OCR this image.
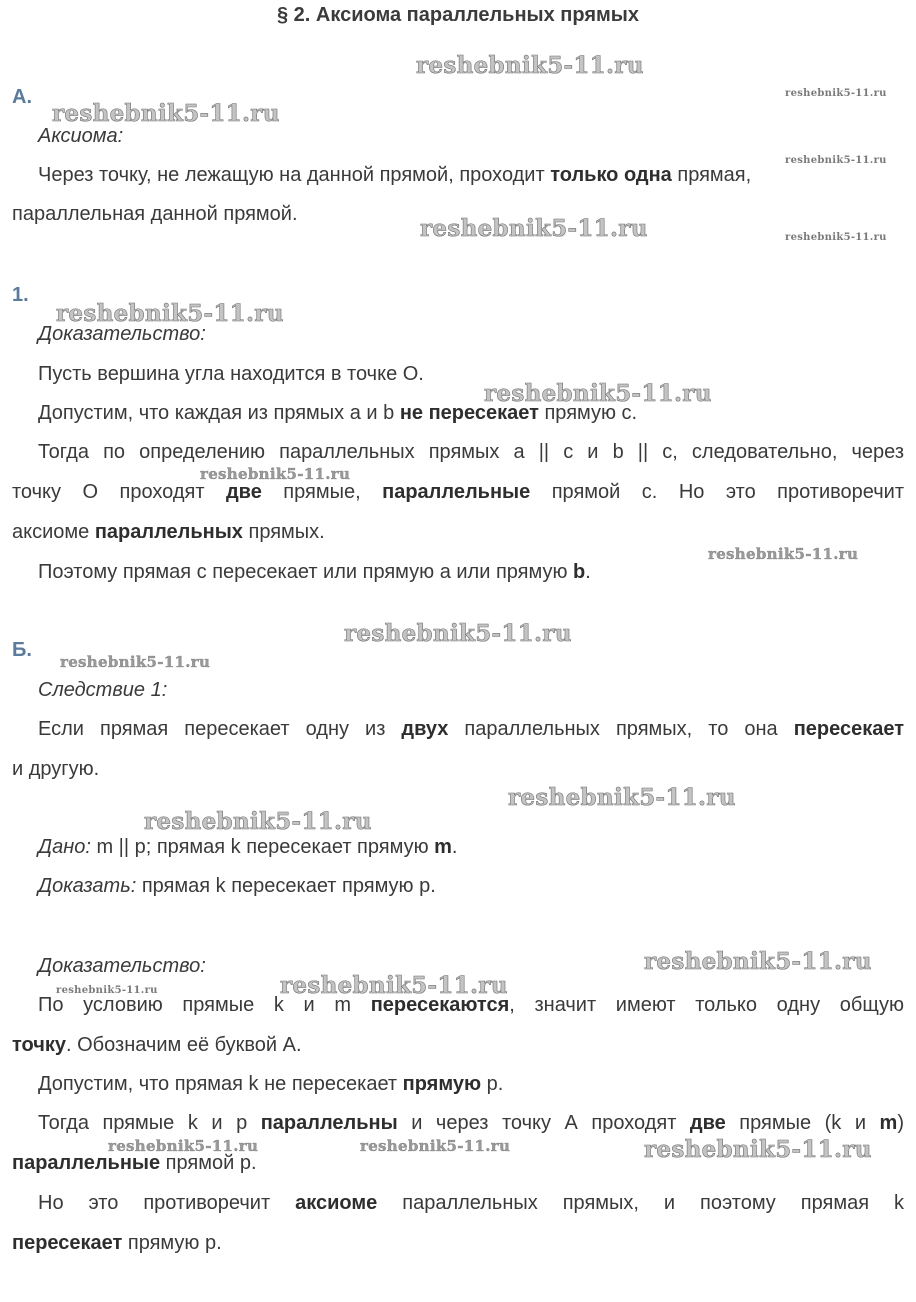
§ 2. Аксиома параллельных прямых
reshebnik5-11.ru
reshebnik5-11.ru
reshebnik5-11.ru
reshebnik5-11.ru
reshebnik5-11.ru	reshebnik5-11.ru
reshebnik5-11.ru
reshebnik5-11.ru
reshebnik5-11.ru
reshebnik5-11.ru
reshebnik5-11.ru
reshebnik5-11.ru
reshebnik5-11.ru
reshebnik5-11.ru
reshebnik5-11.ru
reshebnik5-11.ru
reshebnik5-11.ru
reshebnik5-11.ru	reshebnik5-11.ru	reshebnik5-11.ru
А.
Аксиома:
Через точку, не лежащую на данной прямой, проходит только одна прямая,
параллельная данной прямой.
1.
Доказательство:
Пусть вершина угла находится в точке О.
Допустим, что каждая из прямых a и b не пересекает прямую с.
Тогда по определению параллельных прямых a || c и b || c, следовательно, через
точку О проходят две прямые, параллельные прямой с. Но это противоречит
аксиоме параллельных прямых.
Поэтому прямая с пересекает или прямую а или прямую b.
Б.
Следствие 1:
Если прямая пересекает одну из двух параллельных прямых, то она пересекает
и другую.
Дано: m || p; прямая k пересекает прямую m.
Доказать: прямая k пересекает прямую p.
Доказательство:
По условию прямые k и m пересекаются, значит имеют только одну общую
точку. Обозначим её буквой А.
Допустим, что прямая k не пересекает прямую p.
Тогда прямые k и p параллельны и через точку А проходят две прямые (k и m)
параллельные прямой p.
Но это противоречит аксиоме параллельных прямых, и поэтому прямая k
пересекает прямую p.
